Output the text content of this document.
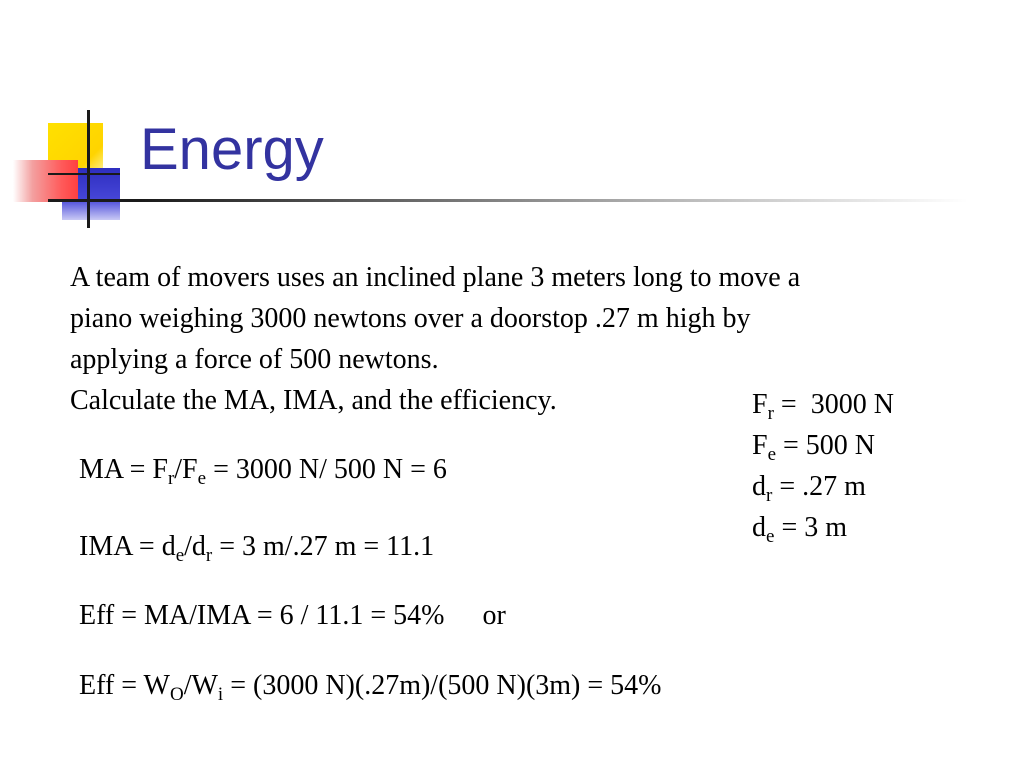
Energy
A team of movers uses an inclined plane 3 meters long to move a
piano weighing 3000 newtons over a doorstop .27 m high by
applying a force of 500 newtons.
Calculate the MA, IMA, and the efficiency.	$F_r = 3000$ N
$F_e = 500$ N
$d_r = .27$ m
$d_e = 3$ m
MA = $F_r/F_e = 3000$ N/ 500 N = 6
IMA = $d_e/d_r = 3$ m/.27 m = 11.1
Eff = MA/IMA = 6 / 11.1 = 54% or
Eff = $W_O/W_i = (3000$ N)(.27m)/(500 N)(3m) = 54%
